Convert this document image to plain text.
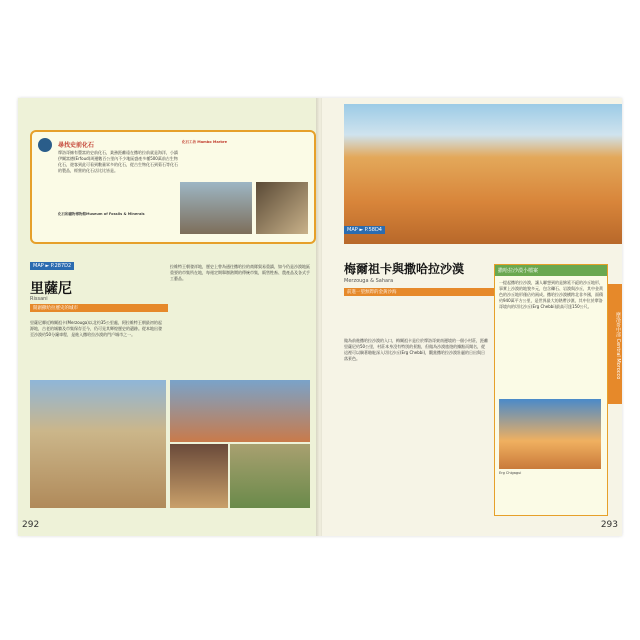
尋找史前化石
摩洛哥擁有豐富的史前化石，業務距離遠在撒哈拉前就是海洋，小鎮伊爾富德(Erfoud)周邊數百公里內不少地區盛產多種500萬前古生物化石，遊客到此可看到數量眾多的化石，從古生物化石到菊石等化石的製品，經營的化石店比比皆是。
化石和礦物博物館Museum of Fossils & Minerals
化石工坊 Mambo Marbre
MAP ► P.287D2
里薩尼
Rissani
開創撒哈拉歷史的城市
里薩尼鄰近梅爾祖卡(Merzouga)以北約35公里處，阿拉維特王朝最初的起源地，古老的城牆及市集保存至今，仍可見其輝煌歷史的遺跡。從本地出發至沙漠約50分鐘車程，是進入撒哈拉沙漠的門戶城市之一。
拉維特王朝發祥地，歷史上曾為通往撒哈拉的商隊貿易重鎮，如今仍是沙漠地區重要的市集所在地，每週定期舉辦熱鬧的傳統市集，販售牲畜、農產品及各式手工藝品。
292
MAP ► P.58D4
梅爾祖卡與撒哈拉沙漠
Merzouga & Sahara
前進一望無際的金黃沙海
做為前進撒哈拉沙漠的入口，梅爾祖卡是位於摩洛哥東南邊境的一個小村莊，距離里薩尼約50公里，村莊本身沒有特別的景點，但做為沙漠旅遊的據點而聞名，從這裡可以騎著駱駝深入切比沙丘(Erg Chebbi)，觀賞撒哈拉沙漠壯麗的日出與日落景色。
撒哈拉沙漠小檔案
一提起撒哈拉沙漠，讓人聯想到的是綿延不絕的沙丘地形，事實上沙漠的地貌多元，包含礫石、岩漠與沙丘，其中金黃色的沙丘地形僅佔約兩成。撒哈拉沙漠橫跨北非多國，面積約940萬平方公里，是世界最大的熱帶沙漠，其中位於摩洛哥境內的切比沙丘(Erg Chebbi)最高可達150公尺。
Erg Chigagui
摩洛哥中部 Central Morocco
293
